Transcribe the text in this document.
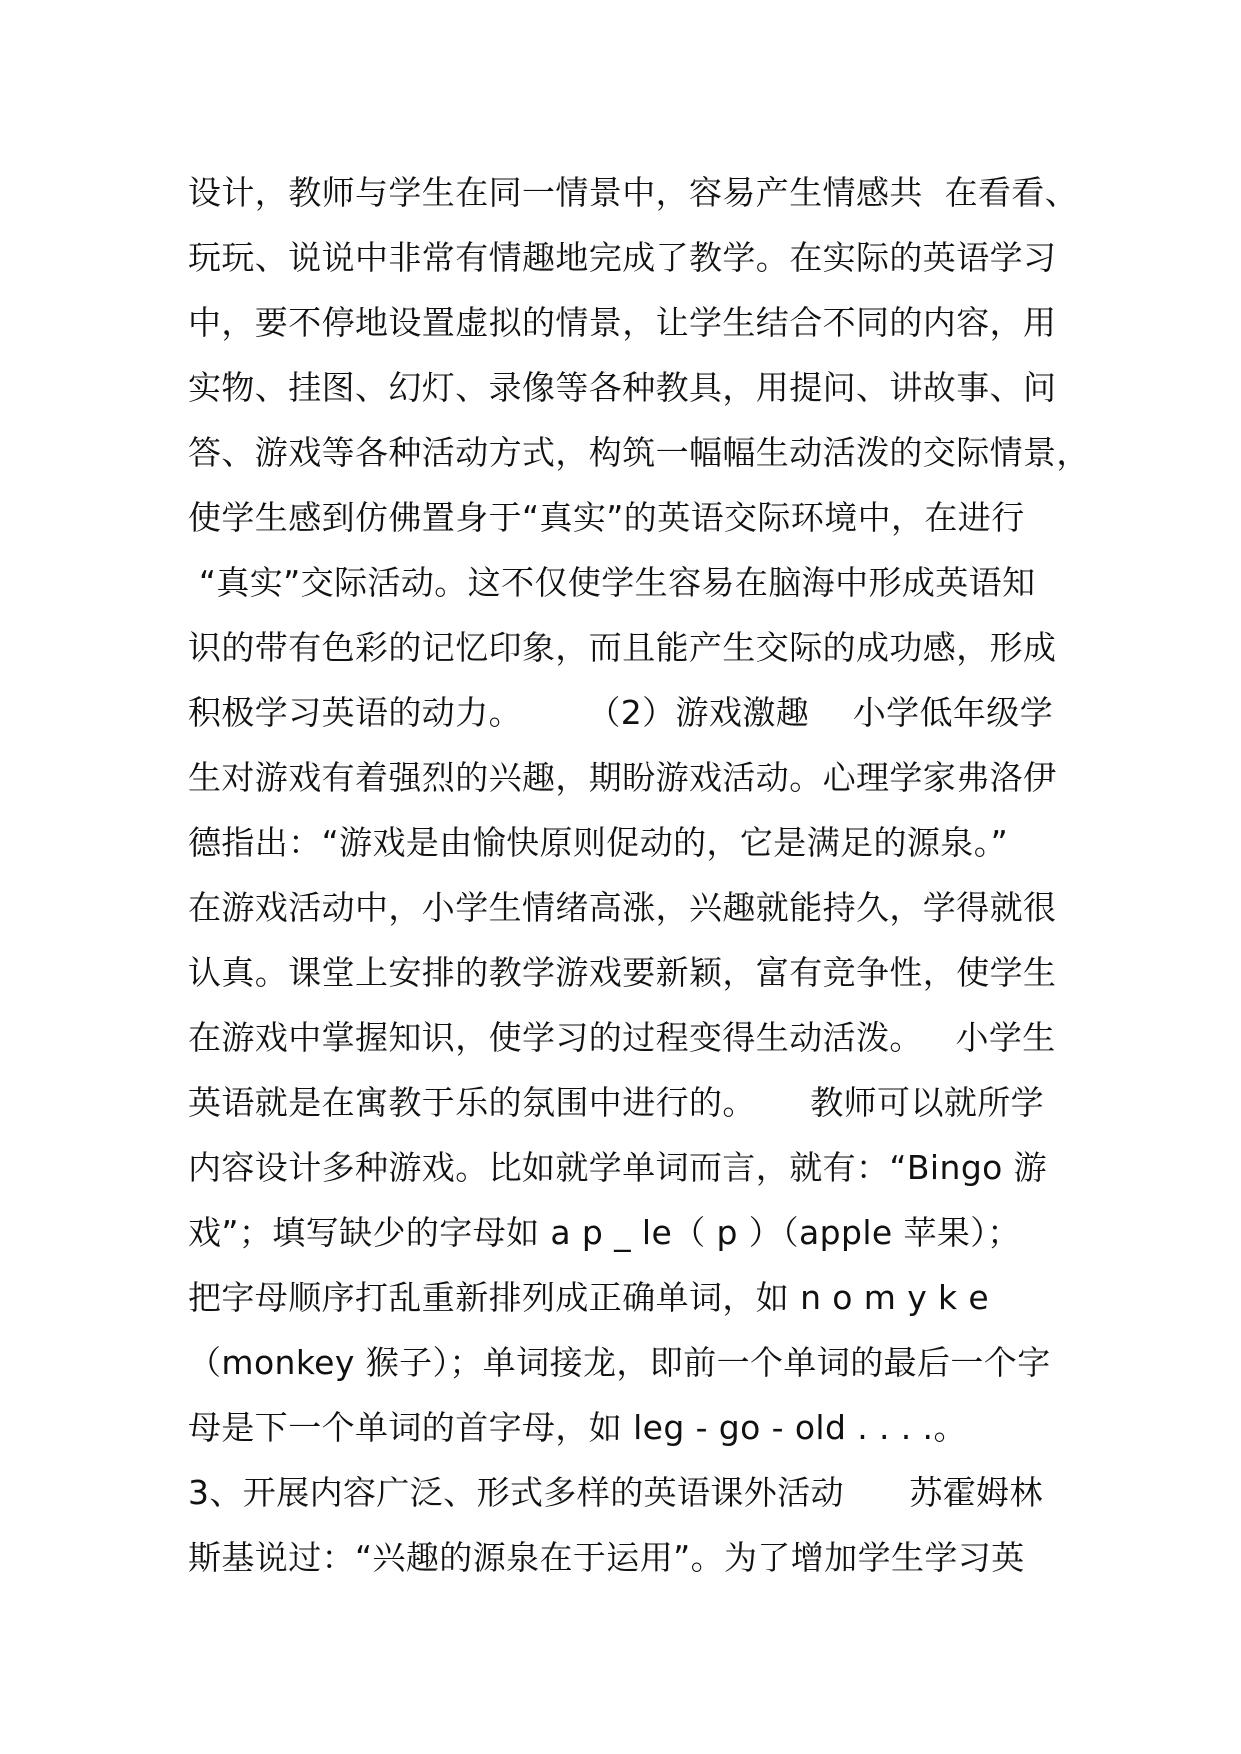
设计，教师与学生在同一情景中，容易产生情感共  在看看、
玩玩、说说中非常有情趣地完成了教学。在实际的英语学习
中，要不停地设置虚拟的情景，让学生结合不同的内容，用
实物、挂图、幻灯、录像等各种教具，用提问、讲故事、问
答、游戏等各种活动方式，构筑一幅幅生动活泼的交际情景，
使学生感到仿佛置身于“真实”的英语交际环境中，在进行
“真实”交际活动。这不仅使学生容易在脑海中形成英语知
识的带有色彩的记忆印象，而且能产生交际的成功感，形成
积极学习英语的动力。      （2）游戏激趣    小学低年级学
生对游戏有着强烈的兴趣，期盼游戏活动。心理学家弗洛伊
德指出：“游戏是由愉快原则促动的，它是满足的源泉。”
在游戏活动中，小学生情绪高涨，兴趣就能持久，学得就很
认真。课堂上安排的教学游戏要新颖，富有竞争性，使学生
在游戏中掌握知识，使学习的过程变得生动活泼。   小学生
英语就是在寓教于乐的氛围中进行的。     教师可以就所学
内容设计多种游戏。比如就学单词而言，就有：“Bingo 游
戏”；填写缺少的字母如 a p _ le（ p ）（apple 苹果）；
把字母顺序打乱重新排列成正确单词，如 n o m y k e
（monkey 猴子）；单词接龙，即前一个单词的最后一个字
母是下一个单词的首字母，如 leg - go - old . . . .。
3、开展内容广泛、形式多样的英语课外活动      苏霍姆林
斯基说过：“兴趣的源泉在于运用”。为了增加学生学习英
